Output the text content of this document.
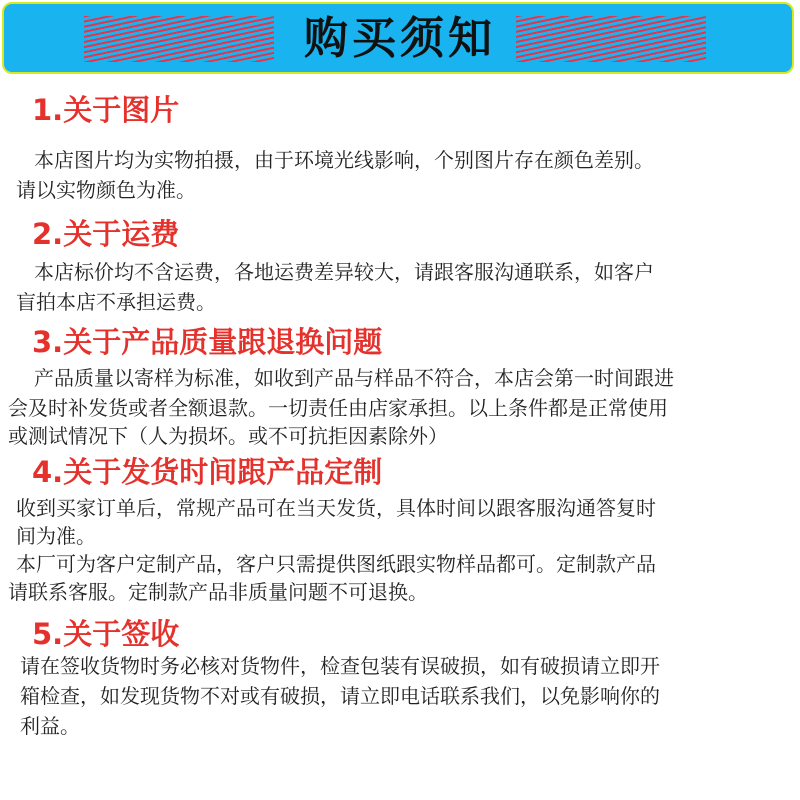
购买须知
1.关于图片
本店图片均为实物拍摄，由于环境光线影响，个别图片存在颜色差别。
请以实物颜色为准。
2.关于运费
本店标价均不含运费，各地运费差异较大，请跟客服沟通联系，如客户
盲拍本店不承担运费。
3.关于产品质量跟退换问题
产品质量以寄样为标准，如收到产品与样品不符合，本店会第一时间跟进
会及时补发货或者全额退款。一切责任由店家承担。以上条件都是正常使用
或测试情况下（人为损坏。或不可抗拒因素除外）
4.关于发货时间跟产品定制
收到买家订单后，常规产品可在当天发货，具体时间以跟客服沟通答复时
间为准。
本厂可为客户定制产品，客户只需提供图纸跟实物样品都可。定制款产品
请联系客服。定制款产品非质量问题不可退换。
5.关于签收
请在签收货物时务必核对货物件，检查包装有误破损，如有破损请立即开
箱检查，如发现货物不对或有破损，请立即电话联系我们，以免影响你的
利益。
